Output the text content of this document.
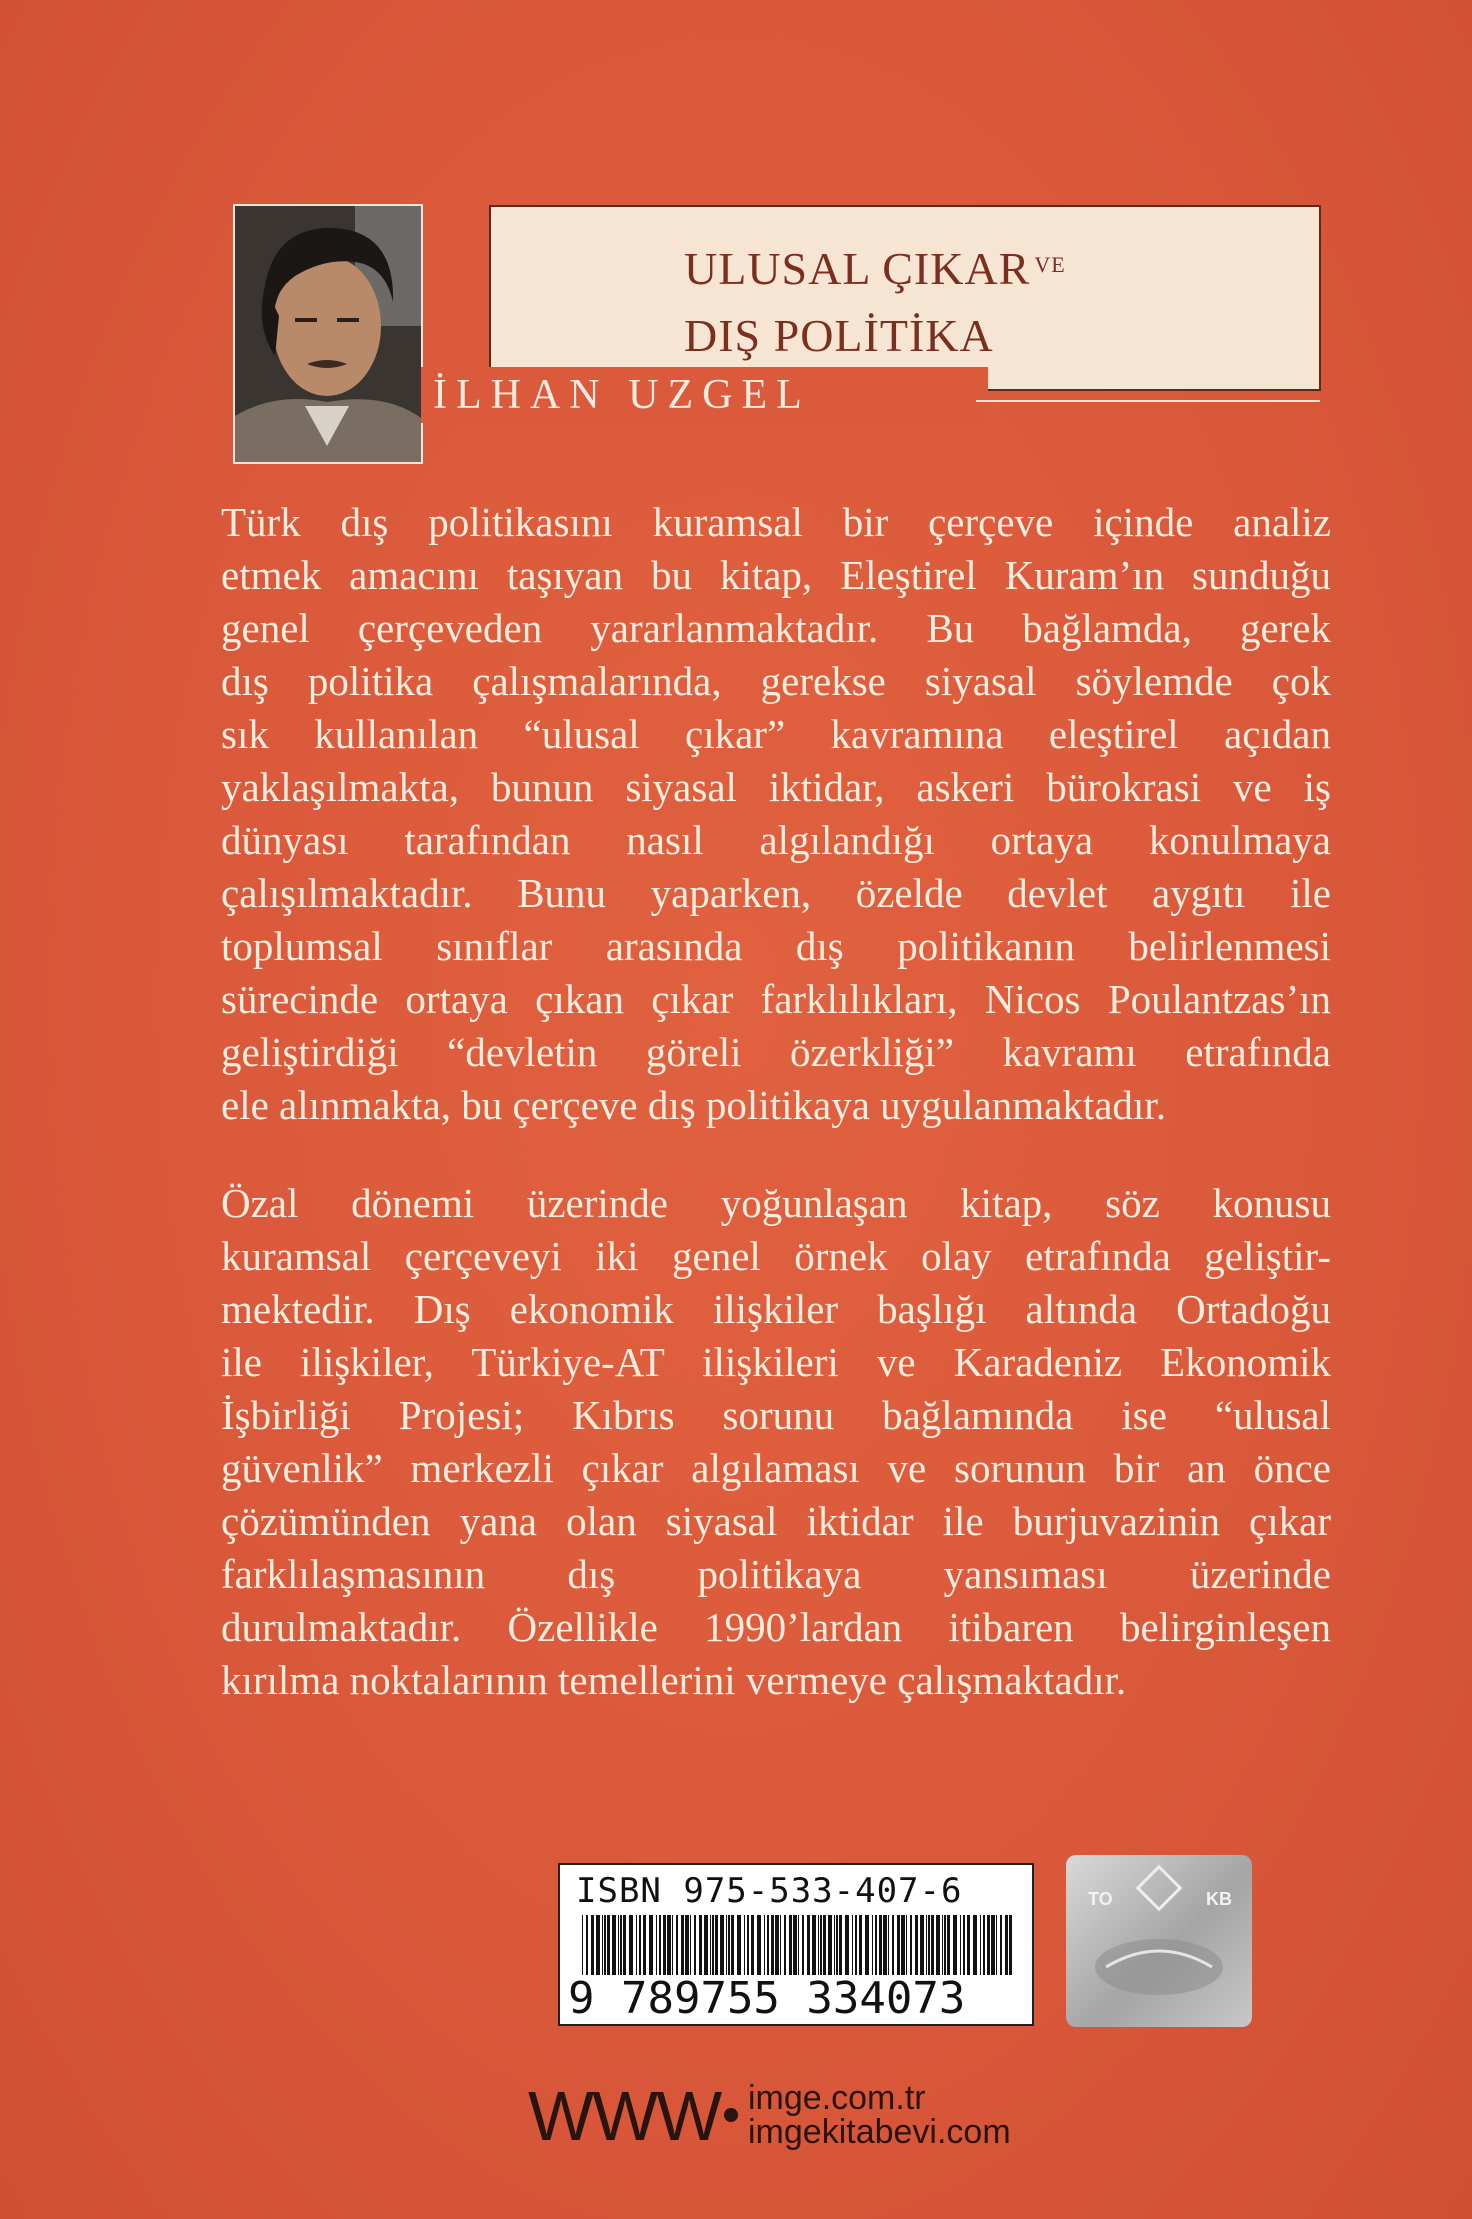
ULUSAL ÇIKAR $^{VE}$
DIŞ POLİTİKA
İLHAN UZGEL

Türk dış politikasını kuramsal bir çerçeve içinde analiz
etmek amacını taşıyan bu kitap, Eleştirel Kuram’ın sunduğu
genel çerçeveden yararlanmaktadır. Bu bağlamda, gerek
dış politika çalışmalarında, gerekse siyasal söylemde çok
sık kullanılan “ulusal çıkar” kavramına eleştirel açıdan
yaklaşılmakta, bunun siyasal iktidar, askeri bürokrasi ve iş
dünyası tarafından nasıl algılandığı ortaya konulmaya
çalışılmaktadır. Bunu yaparken, özelde devlet aygıtı ile
toplumsal sınıflar arasında dış politikanın belirlenmesi
sürecinde ortaya çıkan çıkar farklılıkları, Nicos Poulantzas’ın
geliştirdiği “devletin göreli özerkliği” kavramı etrafında
ele alınmakta, bu çerçeve dış politikaya uygulanmaktadır.

Özal dönemi üzerinde yoğunlaşan kitap, söz konusu
kuramsal çerçeveyi iki genel örnek olay etrafında geliştir-
mektedir. Dış ekonomik ilişkiler başlığı altında Ortadoğu
ile ilişkiler, Türkiye-AT ilişkileri ve Karadeniz Ekonomik
İşbirliği Projesi; Kıbrıs sorunu bağlamında ise “ulusal
güvenlik” merkezli çıkar algılaması ve sorunun bir an önce
çözümünden yana olan siyasal iktidar ile burjuvazinin çıkar
farklılaşmasının dış politikaya yansıması üzerinde
durulmaktadır. Özellikle 1990’lardan itibaren belirginleşen
kırılma noktalarının temellerini vermeye çalışmaktadır.

ISBN 975-533-407-6
9 789755 334073
TO	KB
WWW imge.com.tr
imgekitabevi.com
